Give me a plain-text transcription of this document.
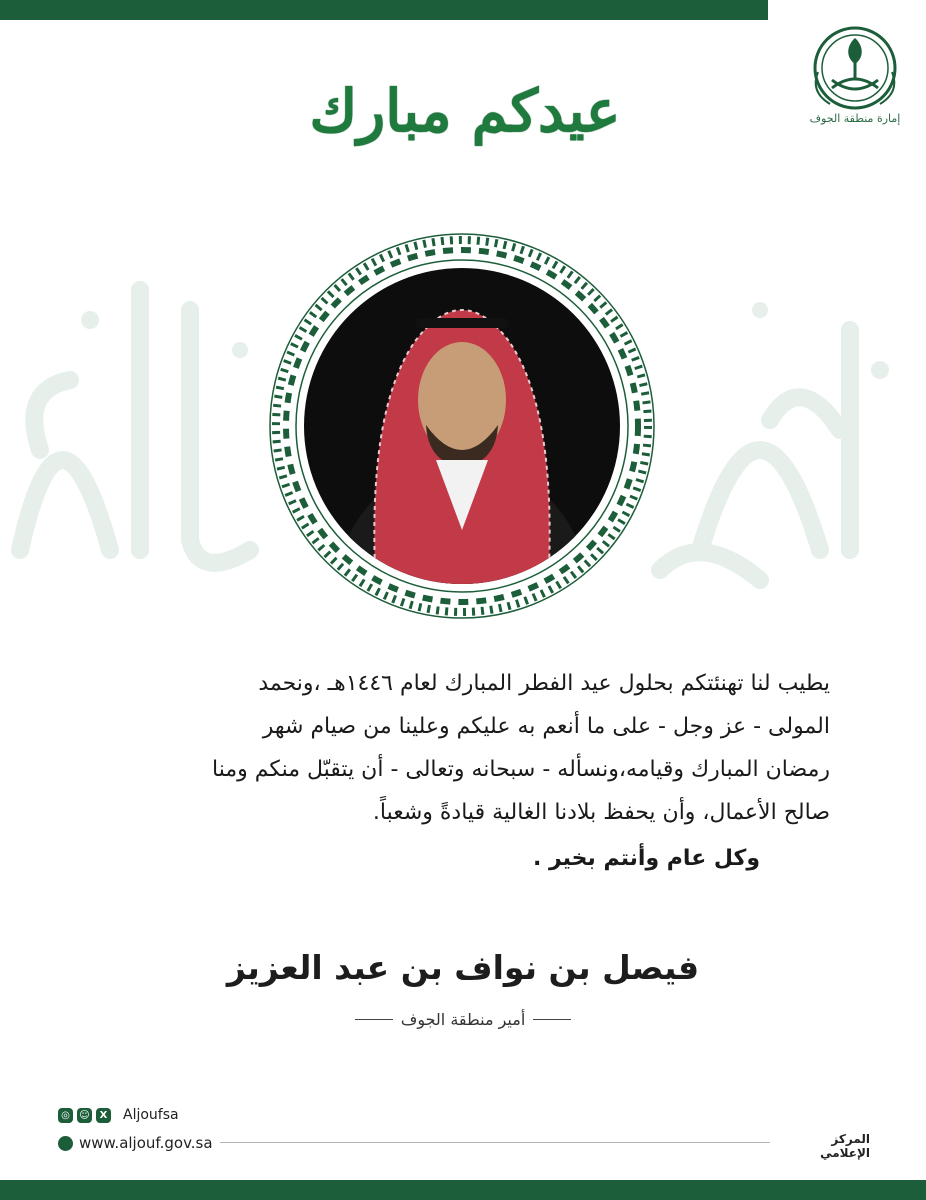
إمارة منطقة الجوف
عيدكم مبارك

يطيب لنا تهنئتكم بحلول عيد الفطر المبارك لعام ١٤٤٦هـ ،ونحمد

المولى - عز وجل - على ما أنعم به عليكم وعلينا من صيام شهر

رمضان المبارك وقيامه،ونسأله - سبحانه وتعالى - أن يتقبّل منكم ومنا

صالح الأعمال، وأن يحفظ بلادنا الغالية قيادةً وشعباً.

وكل عام وأنتم بخير .
فيصل بن نواف بن عبد العزيز
أمير منطقة الجوف
◎ ☺ X Aljoufsa
www.aljouf.gov.sa	المركز الإعلامي
